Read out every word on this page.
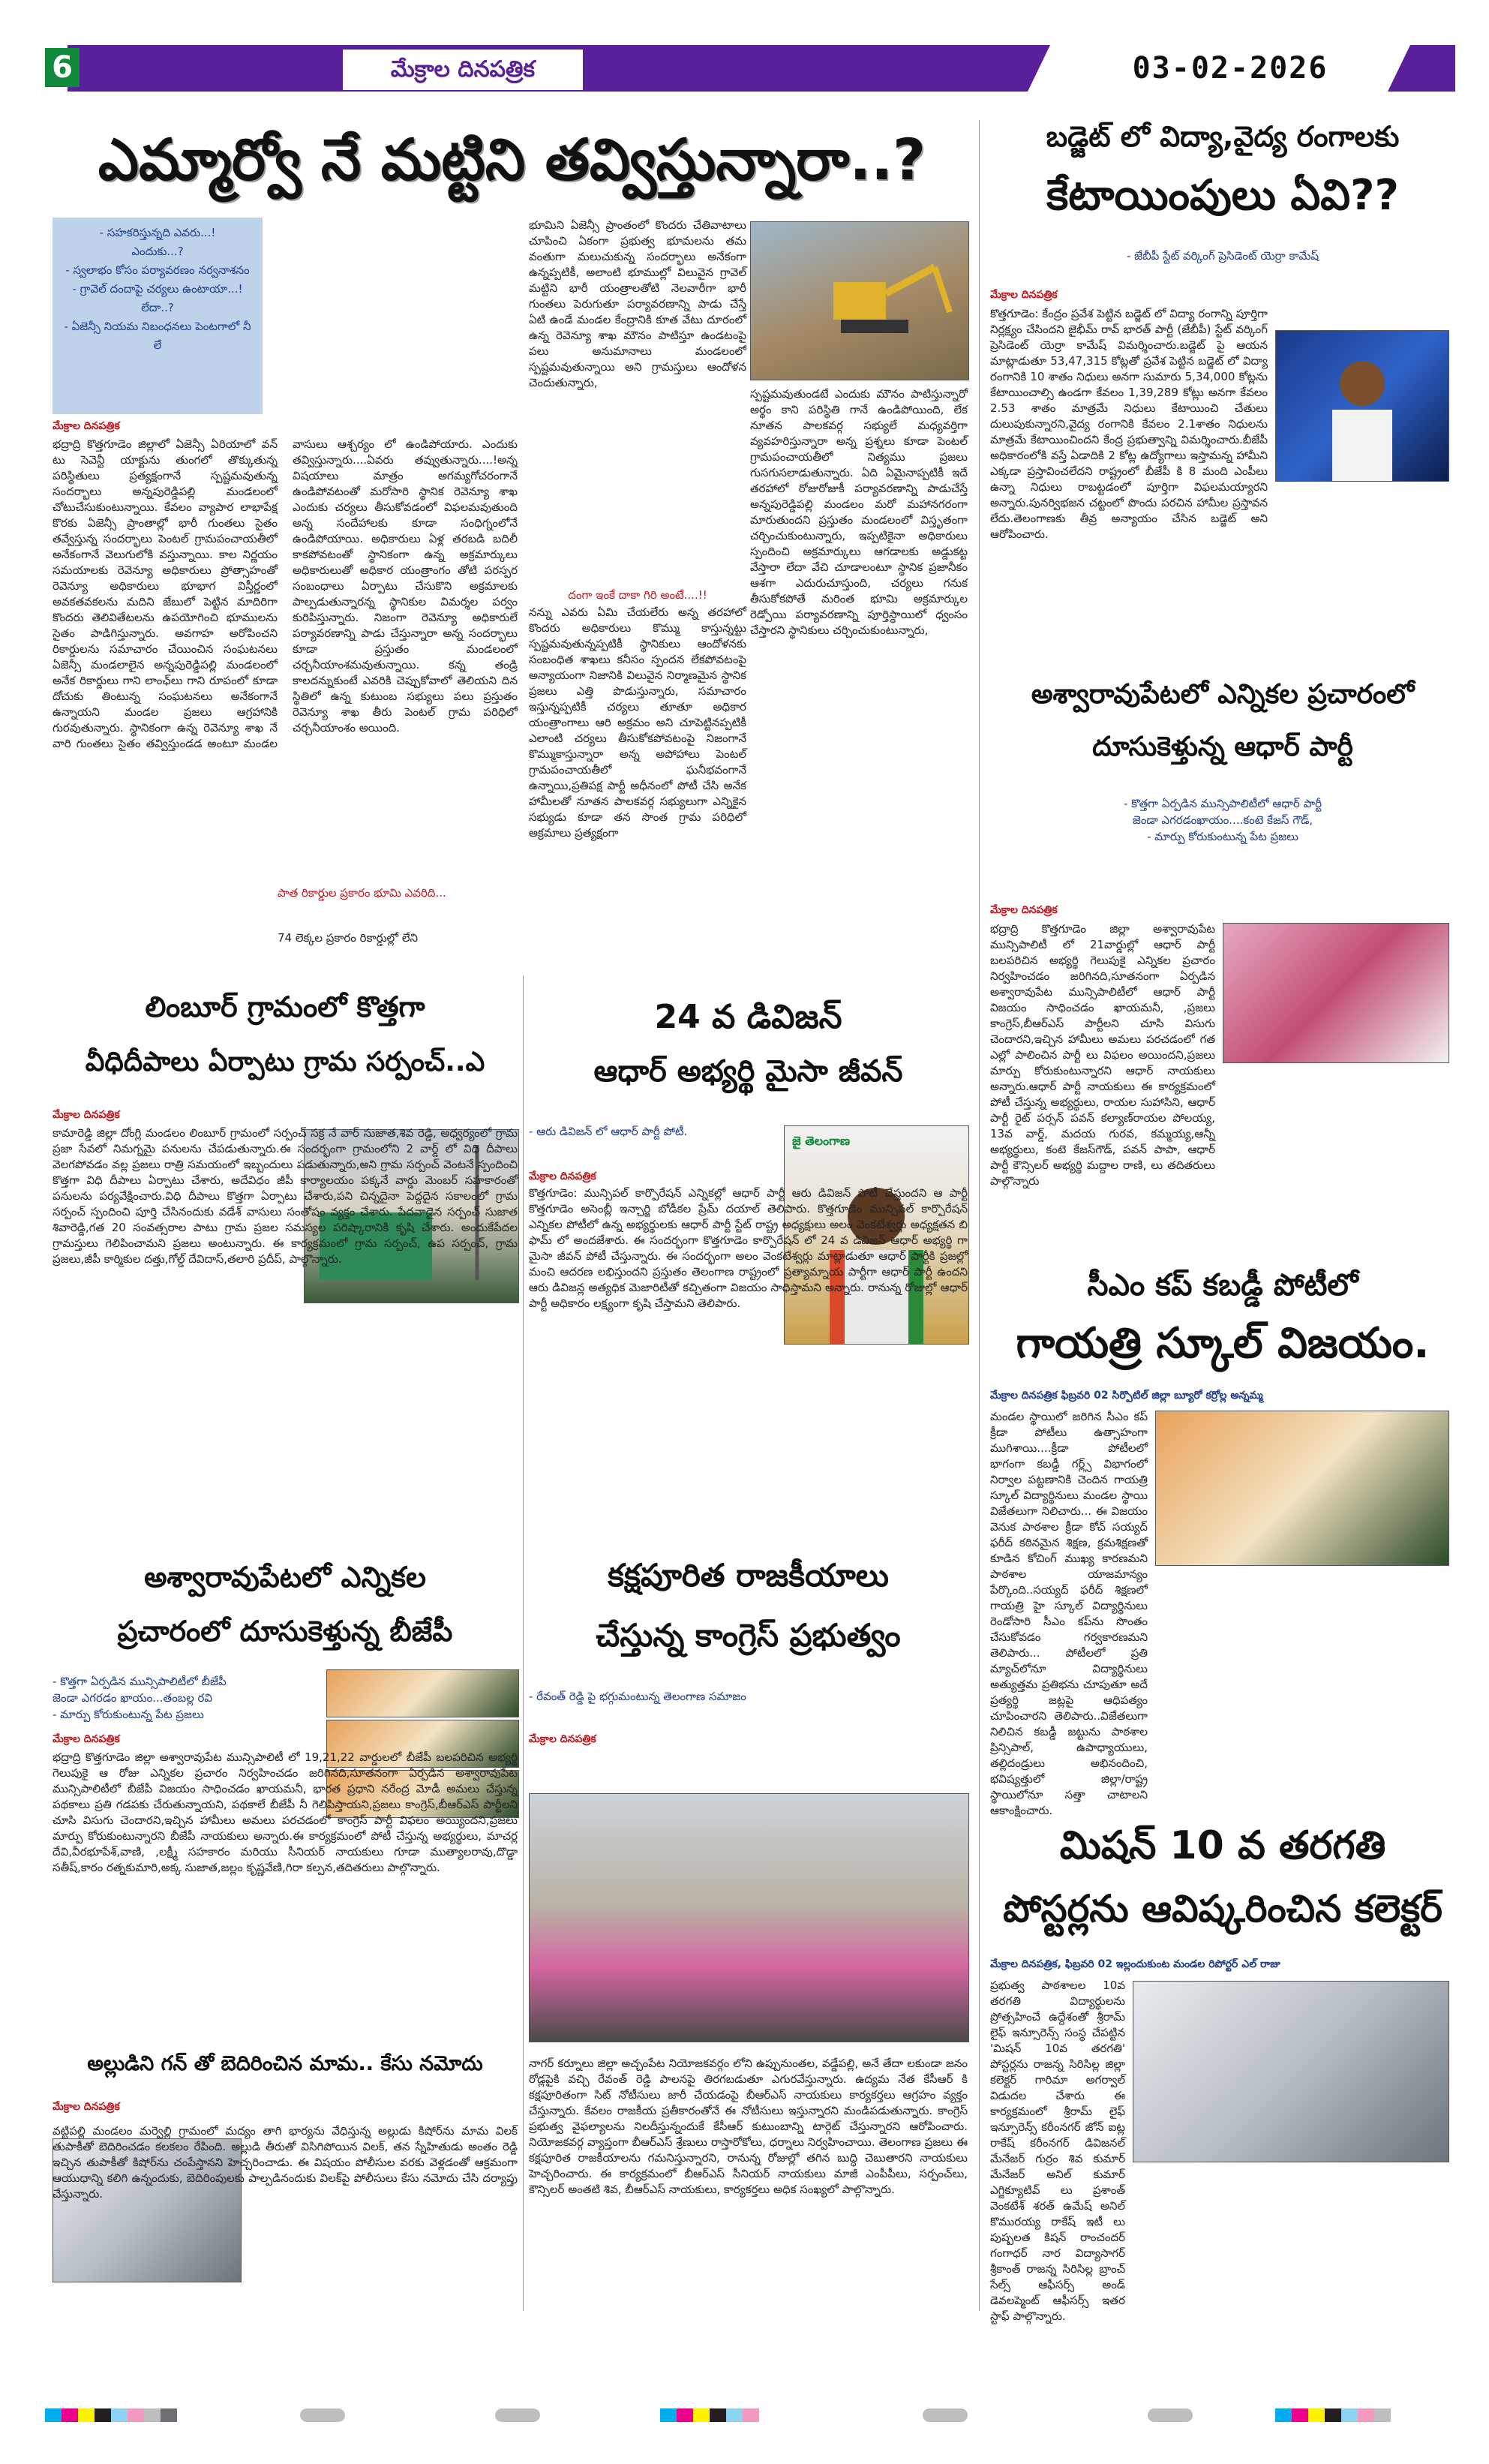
6	మేక్రాల దినపత్రిక	03-02-2026
ఎమ్మార్వో నే మట్టిని తవ్విస్తున్నారా..?
- సహకరిస్తున్నది ఎవరు...!
ఎందుకు...?
- స్వలాభం కోసం పర్యావరణం నర్వనాశనం
- గ్రావెల్ దందాపై చర్యలు ఉంటాయా...! లేదా..?
- ఏజెన్సీ నియమ నిబంధనలు పెంటగాలో నీ లే
మేక్రాల దినపత్రిక
భద్రాద్రి కొత్తగూడెం జిల్లాలో ఏజెన్సీ ఏరియాలో వన్ టు సెవెన్టీ యాక్టును తుంగలో తొక్కుతున్న పరిస్థితులు ప్రత్యక్షంగానే స్పష్టమవుతున్న సందర్భాలు అన్నపురెడ్డిపల్లి మండలంలో చోటుచేసుకుంటున్నాయి. కేవలం వ్యాపార లాభాపేక్ష కొరకు ఏజెన్సీ ప్రాంతాల్లో భారీ గుంతలు సైతం తవ్వేస్తున్న సందర్భాలు పెంటల్ గ్రామపంచాయతీలో అనేకంగానే వెలుగులోకి వస్తున్నాయి. కాల నిర్ణయం సమయాలకు రెవెన్యూ అధికారులు ప్రోత్సాహంతో రెవెన్యూ అధికారులు భూభాగ విస్తీర్ణంలో అవకతవకలను మదిని జేబులో పెట్టిన మాదిరిగా కొందరు తెలివితేటలను ఉపయోగించి భూములను సైతం పాడిగిస్తున్నారు. అవగాహ అరోపించని రికార్డులను సమాచారం చేయించిన సంఘటనలు ఏజెన్సీ మండలాలైన అన్నపురెడ్డిపల్లి మండలంలో అనేక రికార్డులు గాని లాంఛ్‌లు గాని రూపంలో కూడా దోచుకు తింటున్న సంఘటనలు అనేకంగానే ఉన్నాయని మండల ప్రజలు ఆగ్రహానికి గురవుతున్నారు. స్థానికంగా ఉన్న రెవెన్యూ శాఖ నే వారి గుంతలు సైతం తవ్విస్తుండడ అంటూ మండల వాసులు ఆశ్చర్యం లో ఉండిపోయారు. ఎందుకు తవ్విస్తున్నారు....ఏవరు తవ్వుతున్నారు....!అన్న విషయాలు మాత్రం అగమ్యగోచరంగానే ఉండిపోవటంతో మరోసారి స్థానిక రెవెన్యూ శాఖ ఎందుకు చర్యలు తీసుకోవడంలో విఫలమవుతుంది అన్న సందేహాలకు కూడా సంధిగ్నంలోనే ఉండిపోయాయి. అధికారులు ఏళ్ల తరబడి బదిలీ కాకపోవటంతో స్థానికంగా ఉన్న అక్రమార్కులు అధికారులుతో అధికార యంత్రాంగం తోటి పరస్పర సంబంధాలు ఏర్పాటు చేసుకొని అక్రమాలకు పాల్పడుతున్నారన్న స్థానికుల విమర్శల పర్వం కురిపిస్తున్నారు. నిజంగా రెవెన్యూ అధికారులే పర్యావరణాన్ని పాడు చేస్తున్నారా అన్న సందర్భాలు కూడా ప్రస్తుతం మండలంలో చర్చనీయాంశమవుతున్నాయి. కన్న తండ్రి కాలదన్నుకుంటే ఎవరికి చెప్పుకోవాలో తెలియని దిన స్థితిలో ఉన్న కుటుంబ సభ్యులు పలు ప్రస్తుతం రెవెన్యూ శాఖ తీరు పెంటల్ గ్రామ పరిధిలో చర్చనీయాంశం అయింది.
పాత రికార్డుల ప్రకారం భూమి ఎవరిది...
74 లెక్కల ప్రకారం రికార్డుల్లో లేని
భూమిని ఏజెన్సీ ప్రాంతంలో కొందరు చేతివాటాలు చూపించి ఏకంగా ప్రభుత్వ భూమలను తమ వంతుగా మలుచుకున్న సందర్భాలు అనేకంగా ఉన్నప్పటికీ, అలాంటి భూముల్లో విలువైన గ్రావెల్ మట్టిని భారీ యంత్రాలతోటి నెలవారీగా భారీ గుంతలు పెరుగుతూ పర్యావరణాన్ని పాడు చేస్తే ఏటి ఉండే మండల కేంద్రానికి కూత వేటు దూరంలో ఉన్న రెవెన్యూ శాఖ మౌనం పాటిస్తూ ఉండటంపై పలు అనుమానాలు మండలంలో స్పష్టమవుతున్నాయి అని గ్రామస్తులు ఆందోళన చెందుతున్నారు,
దంగా ఇంకే దాకా గిరి అంటే....!!
నన్ను ఎవరు ఏమి చేయలేరు అన్న తరహాలో కొందరు అధికారులు కొమ్ము కాస్తున్నట్టు స్పష్టమవుతున్నప్పటికీ స్థానికులు ఆందోళనకు సంబంధిత శాఖలు కనీసం స్పందన లేకపోవటంపై అన్యాయంగా నిజానికి విలువైన నిర్మాణమైన స్థానిక ప్రజలు ఎత్తి పొడుస్తున్నారు, సమాచారం ఇస్తున్నప్పటికీ చర్యలు తూతూ అధికార యంత్రాంగాలు ఆరి అక్రమం అని చూపెట్టినప్పటికీ ఎలాంటి చర్యలు తీసుకోకపోవటంపై నిజంగానే కొమ్ముకాస్తున్నారా అన్న అపోహాలు పెంటల్ గ్రామపంచాయతీలో ఘనీభవంగానే ఉన్నాయి,ప్రతిపక్ష పార్టీ అధీనంలో పోటీ చేసి అనేక హామీలతో నూతన పాలకవర్గ సభ్యులుగా ఎన్నికైన సభ్యుడు కూడా తన సొంత గ్రామ పరిధిలో అక్రమాలు ప్రత్యక్షంగా
స్పష్టమవుతుండటే ఎందుకు మౌనం పాటిస్తున్నారో అర్థం కాని పరిస్థితి గానే ఉండిపోయింది, లేక నూతన పాలకవర్గ సభ్యులే మధ్యవర్తిగా వ్యవహరిస్తున్నారా అన్న ప్రశ్నలు కూడా పెంటల్ గ్రామపంచాయతీలో నిత్యము ప్రజలు గుసగుసలాడుతున్నారు. ఏది ఏమైనాప్పటికీ ఇదే తరహాలో రోజురోజుకీ పర్యావరణాన్ని పాడుచేస్తే అన్నపురెడ్డిపల్లి మండలం మరో మహానగరంగా మారుతుందని ప్రస్తుతం మండలంలో విస్తృతంగా చర్చించుకుంటున్నారు, ఇప్పటికైనా అధికారులు స్పందించి అక్రమార్కులు ఆగడాలకు అడ్డుకట్ట వేస్తారా లేదా వేచి చూడాలంటూ స్థానిక ప్రజానీకం ఆశగా ఎదురుచూస్తుంది, చర్యలు గనుక తీసుకోకపోతే మరింత భూమి అక్రమార్కుల రెడ్పోయి పర్యావరణాన్ని పూర్తిస్థాయిలో ధ్వంసం చేస్తారని స్థానికులు చర్చించుకుంటున్నారు,
బడ్జెట్ లో విద్యా,వైద్య రంగాలకు
కేటాయింపులు ఏవి??
- జేబీపీ స్టేట్ వర్కింగ్ ప్రెసిడెంట్ యెర్రా కామేష్
మేక్రాల దినపత్రిక
కొత్తగూడెం: కేంద్రం ప్రవేశ పెట్టిన బడ్జెట్ లో విద్యా రంగాన్ని పూర్తిగా నిర్లక్ష్యం చేసిందని జైభీమ్ రావ్ భారత్ పార్టీ (జేబీపీ) స్టేట్ వర్కింగ్ ప్రెసిడెంట్ యెర్రా కామేష్ విమర్శించారు.బడ్జెట్ పై ఆయన మాట్లాడుతూ 53,47,315 కోట్లతో ప్రవేశ పెట్టిన బడ్జెట్ లో విద్యా రంగానికి 10 శాతం నిధులు అనగా సుమారు 5,34,000 కోట్లను కేటాయించాల్సి ఉండగా కేవలం 1,39,289 కోట్లు అనగా కేవలం 2.53 శాతం మాత్రమే నిధులు కేటాయించి చేతులు దులుపుకున్నారని,వైద్య రంగానికి కేవలం 2.1శాతం నిధులను మాత్రమే కేటాయించిందని కేంద్ర ప్రభుత్వాన్ని విమర్శించారు.బీజేపీ అధికారంలోకి వస్తే ఏడాదికి 2 కోట్ల ఉద్యోగాలు ఇస్తామన్న హామీని ఎక్కడా ప్రస్తావించలేదని రాష్ట్రంలో బీజేపీ కి 8 మంది ఎంపీలు ఉన్నా నిధులు రాబట్టడంలో పూర్తిగా విఫలమయ్యారని అన్నారు.పునర్విభజన చట్టంలో పొందు పరచిన హామీల ప్రస్తావన లేదు.తెలంగాణకు తీవ్ర అన్యాయం చేసిన బడ్జెట్ అని ఆరోపించారు.
అశ్వారావుపేటలో ఎన్నికల ప్రచారంలో
దూసుకెళ్తున్న ఆధార్ పార్టీ
- కొత్తగా ఏర్పడిన మున్సిపాలిటీలో ఆధార్ పార్టీ
జెండా ఎగరడంఖాయం....కంటె కేజస్ గౌడ్,
- మార్పు కోరుకుంటున్న పేట ప్రజలు
మేక్రాల దినపత్రిక
భద్రాద్రి కొత్తగూడెం జిల్లా అశ్వారావుపేట మున్సిపాలిటీ లో 21వార్డుల్లో ఆధార్ పార్టీ బలపరిచిన అభ్యర్థి గెలుపుకై ఎన్నికల ప్రచారం నిర్వహించడం జరిగినది,సూతనంగా ఏర్పడిన అశ్వారావుపేట మున్సిపాలిటీలో ఆధార్ పార్టీ విజయం సాధించడం ఖాయమనీ, ,ప్రజలు కాంగ్రెస్,బీఆర్ఎస్ పార్టీలని చూసి విసుగు చెందారని,ఇచ్చిన హామీలు అమలు పరచడంలో గత ఎల్లో పాలించిన పార్టీ లు విఫలం అయిందని,ప్రజలు మార్పు కోరుకుంటున్నారని ఆధార్ నాయకులు అన్నారు.ఆధార్ పార్టీ నాయకులు ఈ కార్యక్రమంలో పోటీ చేస్తున్న అభ్యర్థులు, రాయల సుహాసిని, ఆధార్ పార్టీ రైట్ పర్సన్ పవన్ కల్యాణ్‌రాయల పోలయ్య, 13వ వార్డ్, మదయ గురవ, కమ్మయ్య,ఆన్నీ అభ్యర్థులు, కంటె కేజస్‌గౌడ్, పవన్ పాపా, ఆధార్ పార్టీ కౌన్సిలర్ అభ్యర్థి మద్దాల రాణి, లు తదితరులు పాల్గొన్నారు
సీఎం కప్ కబడ్డీ పోటీలో
గాయత్రి స్కూల్ విజయం.
మేక్రాల దినపత్రిక ఫిబ్రవరి 02 సిర్పొటిల్ జిల్లా బ్యూరో కర్రోల్ల అన్నమ్మ
మండల స్థాయిలో జరిగిన సీఎం కప్ క్రీడా పోటీలు ఉత్సాహంగా ముగిశాయి....క్రీడా పోటీలలో భాగంగా కబడ్డీ గర్ల్స్ విభాగంలో నిర్వాల పట్టణానికి చెందిన గాయత్రి స్కూల్ విద్యార్థినులు మండల స్థాయి విజేతలుగా నిలిచారు... ఈ విజయం వెనుక పాఠశాల క్రీడా కోచ్ సయ్యద్ ఫరీద్ కఠినమైన శిక్షణ, క్రమశిక్షణతో కూడిన కోచింగ్ ముఖ్య కారణమని పాఠశాల యాజమాన్యం పేర్కొంది..సయ్యద్ ఫరీద్ శిక్షణలో గాయత్రి హై స్కూల్ విద్యార్థినులు రెండోసారి సీఎం కప్‌ను సొంతం చేసుకోవడం గర్వకారణమని తెలిపారు... పోటీలలో ప్రతి మ్యాచ్‌లోనూ విద్యార్థినులు అత్యుత్తమ ప్రతిభను చూపుతూ అదే ప్రత్యర్థి జట్లపై ఆధిపత్యం చూపించారని తెలిపారు..విజేతలుగా నిలిచిన కబడ్డీ జట్టును పాఠశాల ప్రిన్సిపాల్, ఉపాధ్యాయులు, తల్లిదండ్రులు అభినందించి, భవిష్యత్తులో జిల్లా/రాష్ట్ర స్థాయిలోనూ సత్తా చాటాలని ఆకాంక్షించారు.
మిషన్ 10 వ తరగతి
పోస్టర్లను ఆవిష్కరించిన కలెక్టర్
మేక్రాల దినపత్రిక, ఫిబ్రవరి 02 ఇల్లందుకుంట మండల రిపోర్టర్ ఎల్ రాజు
ప్రభుత్వ పాఠశాలల 10వ తరగతి విద్యార్థులను ప్రోత్సహించే ఉద్దేశంతో శ్రీరామ్ లైఫ్ ఇన్సూరెన్స్ సంస్థ చేపట్టిన 'మిషన్ 10వ తరగతి' పోస్టర్లను రాజన్న సిరిసిల్ల జిల్లా కలెక్టర్ గారిమా అగర్వాల్ విడుదల చేశారు ఈ కార్యక్రమంలో శ్రీరామ్ లైఫ్ ఇన్సూరెన్స్ కరీంనగర్ జోన్ ఐట్ల రాకేష్ కరీంనగర్ డివిజనల్ మేనేజర్ గుర్రం శివ కుమార్ మేనేజర్ అనిల్ కుమార్ ఎగ్జిక్యూటివ్ లు ప్రశాంత్ వెంకటేశ్ శరత్ ఉమేష్ అనిల్ కొమురయ్య రాకేష్ ఇటీ లు పుష్పలత కిషన్ రాంచందర్ గంగాధర్ నార విద్యాసాగర్ శ్రీకాంత్ రాజన్న సిరిసిల్ల బ్రాంచ్ సేల్స్ ఆఫీసర్స్ అండ్ డెవలప్మెంట్ ఆఫీసర్స్ ఇతర స్టాఫ్ పాల్గొన్నారు.
లింబూర్ గ్రామంలో కొత్తగా
వీధిదీపాలు ఏర్పాటు గ్రామ సర్పంచ్..ఎ
మేక్రాల దినపత్రిక
కామారెడ్డి జిల్లా దోంగ్లి మండలం లింబూర్ గ్రామంలో సర్పంచ్ సక్ర నే వార్ సుజాత,శివ రెడ్డి, అధ్వర్యంలో గ్రామ ప్రజా సేవలో నిమగ్నమై పనులను చేపడుతున్నారు.ఈ సందర్భంగా గ్రామంలోని 2 వార్డ్ లో విధి దీపాలు వెలగపోవడం వల్ల ప్రజలు రాత్రి సమయంలో ఇబ్బందులు పడుతున్నారు,అని గ్రామ సర్పంచ్ వెంటనే స్పందించి కొత్తగా విధి దీపాలు ఏర్పాటు చేశారు, అదేవిధం జీపీ కార్యాలయం పక్కనే వార్డు మెంబర్ సహకారంతో పనులను పర్యవేక్షించారు.విధి దీపాలు కొత్తగా ఏర్పాటు చేశారు,పని చిన్నదైనా పెద్దదైన సకాలంలో గ్రామ సర్పంచ్ స్పందించి పూర్తి చేసినందుకు వడేశ్ వాసులు సంతోషం వ్యక్తం చేశారు. పేదవాడైన సర్పంచ్ సుజాత శివారెడ్డి,గత 20 సంవత్సరాల పాటు గ్రామ ప్రజల సమస్యల పరిష్కారానికి కృషి చేశారు. అందుకేపేదల గ్రామస్తులు గెలిపించామని ప్రజలు అంటున్నారు. ఈ కార్యక్రమంలో గ్రామ సర్పంచ్, ఉప సర్పంచ్, గ్రామ ప్రజలు,జీపీ కార్మికుల దత్తు,గోల్డ్ దేవిదాస్,తలారి ప్రదీప్, పాల్గొన్నారు.
అశ్వారావుపేటలో ఎన్నికల
ప్రచారంలో దూసుకెళ్తున్న బీజేపీ
- కొత్తగా ఏర్పడిన మున్సిపాలిటీలో బీజేపీ
జెండా ఎగరడం ఖాయం...తంబల్ల రవి
- మార్పు కోరుకుంటున్న పేట ప్రజలు
మేక్రాల దినపత్రిక
భద్రాద్రి కొత్తగూడెం జిల్లా అశ్వారావుపేట మున్సిపాలిటీ లో 19,21,22 వార్డులలో బీజేపీ బలపరిచిన అభ్యర్థి గెలుపుకై ఆ రోజు ఎన్నికల ప్రచారం నిర్వహించడం జరిగినది,సూతనంగా ఏర్పడిన అశ్వారావుపేట మున్సిపాలిటీలో బీజేపీ విజయం సాధించడం ఖాయమనీ, భారత ప్రధాని నరేంద్ర మోడీ అమలు చేస్తున్న పథకాలు ప్రతి గడపకు చేరుతున్నాయని, పథకాలే బీజేపీ నీ గెలిపిస్తాయని,ప్రజలు కాంగ్రెస్,బీఆర్ఎస్ పార్టీలని చూసి విసుగు చెందారని,ఇచ్చిన హామీలు అమలు పరచడంలో కాంగ్రెస్ పార్టీ విఫలం అయ్యిందని,ప్రజలు మార్పు కోరుకుంటున్నారని బీజేపీ నాయకులు అన్నారు.ఈ కార్యక్రమంలో పోటీ చేస్తున్న అభ్యర్థులు, మాచర్ల దేవి,వీరభూపేశ్,వాణి, ,లక్ష్మీ సహకారం మరియు సీనియర్ నాయకులు గూడా ముత్యాలరావు,దొడ్డా సతీష్,కారం రత్నకుమారి,అక్క సుజాత,జల్లం కృష్ణవేణి,గిరా కల్పన,తదితరులు పాల్గొన్నారు.
అల్లుడిని గన్ తో బెదిరించిన మామ.. కేసు నమోదు
మేక్రాల దినపత్రిక
వట్టిపల్లి మండలం మర్వెల్లి గ్రామంలో మద్యం తాగి భార్యను వేధిస్తున్న అల్లుడు కిషోర్‌ను మామ విలక్ తుపాకీతో బెదిరించడం కలకలం రేపింది. అల్లుడి తీరుతో విసిగిపోయిన విలక్, తన స్నేహితుడు అంతం రెడ్డి ఇచ్చిన తుపాకీతో కిషోర్‌ను చంపేస్తానని హెచ్చరించాడు. ఈ విషయం పోలీసుల వరకు వెళ్లడంతో ఆక్రమంగా ఆయుధాన్ని కలిగి ఉన్నందుకు, బెదిరింపులకు పాల్పడినందుకు విలక్‌పై పోలీసులు కేసు నమోదు చేసి దర్యాప్తు చేస్తున్నారు.
24 వ డివిజన్
ఆధార్ అభ్యర్థి మైసా జీవన్
- ఆరు డివిజన్ లో ఆధార్ పార్టీ పోటీ.
మేక్రాల దినపత్రిక
జై తెలంగాణ
కొత్తగూడెం: మున్సిపల్ కార్పొరేషన్ ఎన్నికల్లో ఆధార్ పార్టీ ఆరు డివిజన్ పోటీ చేస్తుందని ఆ పార్టీ కొత్తగూడెం అసెంబ్లీ ఇన్చార్జి బోడీకల ప్రేమ్ దయాల్ తెలిపారు. కొత్తగూడెం మున్సిపల్ కార్పొరేషన్ ఎన్నికల పోటీలో ఉన్న అభ్యర్థులకు ఆధార్ పార్టీ స్టేట్ రాష్ట్ర అధ్యక్షులు అలం వెంకటేశ్వర్లు అధ్యక్షతన బి ఫామ్ లో అందజేశారు. ఈ సందర్భంగా కొత్తగూడెం కార్పొరేషన్ లో 24 వ డివిజన్ ఆధార్ అభ్యర్థి గా మైసా జీవన్ పోటీ చేస్తున్నారు. ఈ సందర్భంగా అలం వెంకటేశ్వర్లు మాట్లాడుతూ ఆధార్ పార్టీకి ప్రజల్లో మంచి ఆదరణ లభిస్తుందని ప్రస్తుతం తెలంగాణ రాష్ట్రంలో ప్రత్యామ్నాయ పార్టీగా ఆధార్ పార్టీ ఉందని ఆరు డివిజన్ల అత్యధిక మెజారిటీతో కచ్చితంగా విజయం సాధిస్తామని అన్నారు. రానున్న రోజుల్లో ఆధార్ పార్టీ అధికారం లక్ష్యంగా కృషి చేస్తామని తెలిపారు.
కక్షపూరిత రాజకీయాలు
చేస్తున్న కాంగ్రెస్ ప్రభుత్వం
- రేవంత్ రెడ్డి పై భగ్గుమంటున్న తెలంగాణ సమాజం
మేక్రాల దినపత్రిక
నాగర్ కర్నూలు జిల్లా అచ్చంపేట నియోజకవర్గం లోని ఉప్పునుంతల, వడ్డేపల్లి, అనే తేదా లకుండా జనం రోడ్లపైకి వచ్చి రేవంత్ రెడ్డి పాలనపై తిరగబడుతూ ఎగురవేస్తున్నారు. ఉద్యమ నేత కేసీఆర్ కి కక్షపూరితంగా సిట్ నోటీసులు జారీ చేయడంపై బీఆర్ఎస్ నాయకులు కార్యకర్తలు ఆగ్రహం వ్యక్తం చేస్తున్నారు. కేవలం రాజకీయ ప్రతీకారంతోనే ఈ నోటీసులు ఇస్తున్నారని మండిపడుతున్నారు. కాంగ్రెస్ ప్రభుత్వ వైఫల్యాలను నిలదీస్తున్నందుకే కేసీఆర్ కుటుంబాన్ని టార్గెట్ చేస్తున్నారని ఆరోపించారు. నియోజకవర్గ వ్యాప్తంగా బీఆర్ఎస్ శ్రేణులు రాస్తారోకోలు, ధర్నాలు నిర్వహించాయి. తెలంగాణ ప్రజలు ఈ కక్షపూరిత రాజకీయాలను గమనిస్తున్నారని, రానున్న రోజుల్లో తగిన బుద్ధి చెబుతారని నాయకులు హెచ్చరించారు. ఈ కార్యక్రమంలో బీఆర్ఎస్ సీనియర్ నాయకులు మాజీ ఎంపీపీలు, సర్పంచ్‌లు, కౌన్సిలర్ అంతటి శివ, బీఆర్ఎస్ నాయకులు, కార్యకర్తలు అధిక సంఖ్యలో పాల్గొన్నారు.
